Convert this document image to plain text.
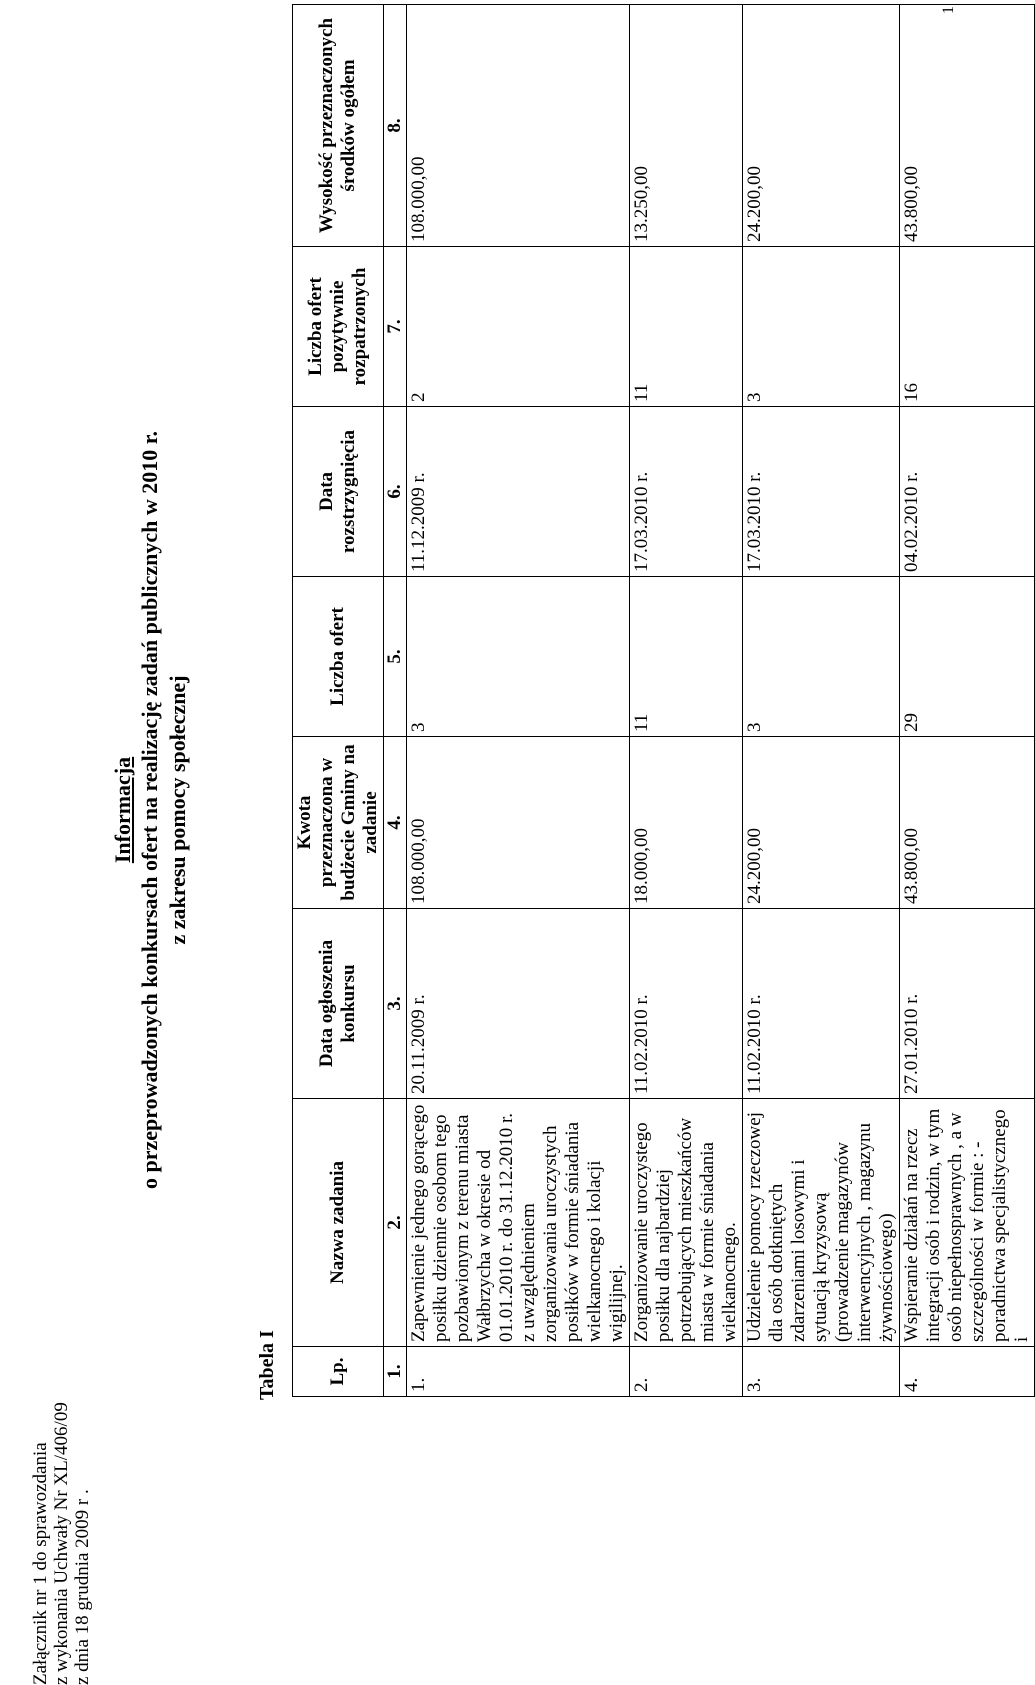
Załącznik nr 1 do sprawozdania z wykonania Uchwały Nr XL/406/09 z dnia 18 grudnia 2009 r .
Informacja o przeprowadzonych konkursach ofert na realizację zadań publicznych w 2010 r. z zakresu pomocy społecznej
Tabela I	Lp.	Nazwa zadania	Data ogłoszenia konkursu	Kwota przeznaczona w budżecie Gminy na zadanie	Liczba ofert	Data rozstrzygnięcia	Liczba ofert pozytywnie rozpatrzonych	Wysokość przeznaczonych środków ogółem
1.	2.	3.	4.	5.	6.	7.	8.
1.	Zapewnienie jednego gorącego posiłku dziennie osobom tego pozbawionym z terenu miasta Wałbrzycha w okresie od 01.01.2010 r. do 31.12.2010 r. z uwzględnieniem zorganizowania uroczystych posiłków w formie śniadania wielkanocnego i kolacji wigilijnej.	20.11.2009 r.	108.000,00	3	11.12.2009 r.	2	108.000,00
2.	Zorganizowanie uroczystego posiłku dla najbardziej potrzebujących mieszkańców miasta w formie śniadania wielkanocnego.	11.02.2010 r.	18.000,00	11	17.03.2010 r.	11	13.250,00
3.	Udzielenie pomocy rzeczowej dla osób dotkniętych zdarzeniami losowymi i sytuacją kryzysową (prowadzenie magazynów interwencyjnych , magazynu żywnościowego)	11.02.2010 r.	24.200,00	3	17.03.2010 r.	3	24.200,00
4.	Wspieranie działań na rzecz integracji osób i rodzin, w tym osób niepełnosprawnych , a w szczególności w formie : - poradnictwa specjalistycznego i	27.01.2010 r.	43.800,00	29	04.02.2010 r.	16	43.800,00
1
